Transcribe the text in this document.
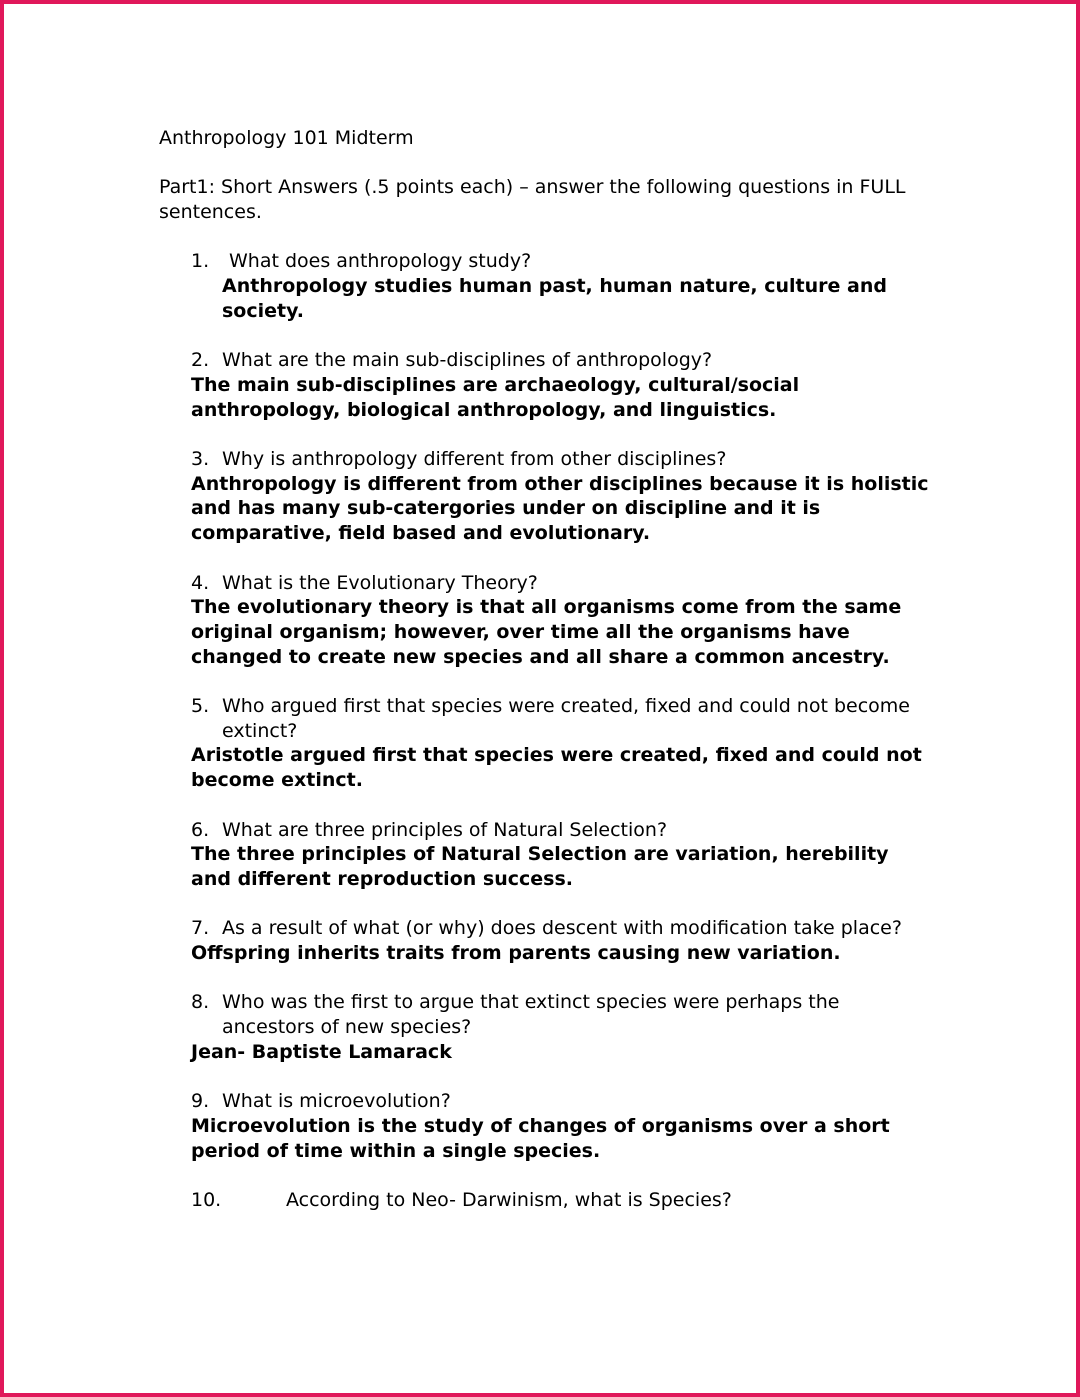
Anthropology 101 Midterm
Part1: Short Answers (.5 points each) – answer the following questions in FULL sentences.
1.	What does anthropology study?
Anthropology studies human past, human nature, culture and society.
2. What are the main sub-disciplines of anthropology?
The main sub-disciplines are archaeology, cultural/social anthropology, biological anthropology, and linguistics.
3. Why is anthropology different from other disciplines?
Anthropology is different from other disciplines because it is holistic and has many sub-catergories under on discipline and it is comparative, field based and evolutionary.
4. What is the Evolutionary Theory?
The evolutionary theory is that all organisms come from the same original organism; however, over time all the organisms have changed to create new species and all share a common ancestry.
5. Who argued first that species were created, fixed and could not become extinct?
Aristotle argued first that species were created, fixed and could not become extinct.
6. What are three principles of Natural Selection?
The three principles of Natural Selection are variation, herebility and different reproduction success.
7. As a result of what (or why) does descent with modification take place?
Offspring inherits traits from parents causing new variation.
8. Who was the first to argue that extinct species were perhaps the ancestors of new species?
Jean- Baptiste Lamarack
9. What is microevolution?
Microevolution is the study of changes of organisms over a short period of time within a single species.
10.	According to Neo- Darwinism, what is Species?
